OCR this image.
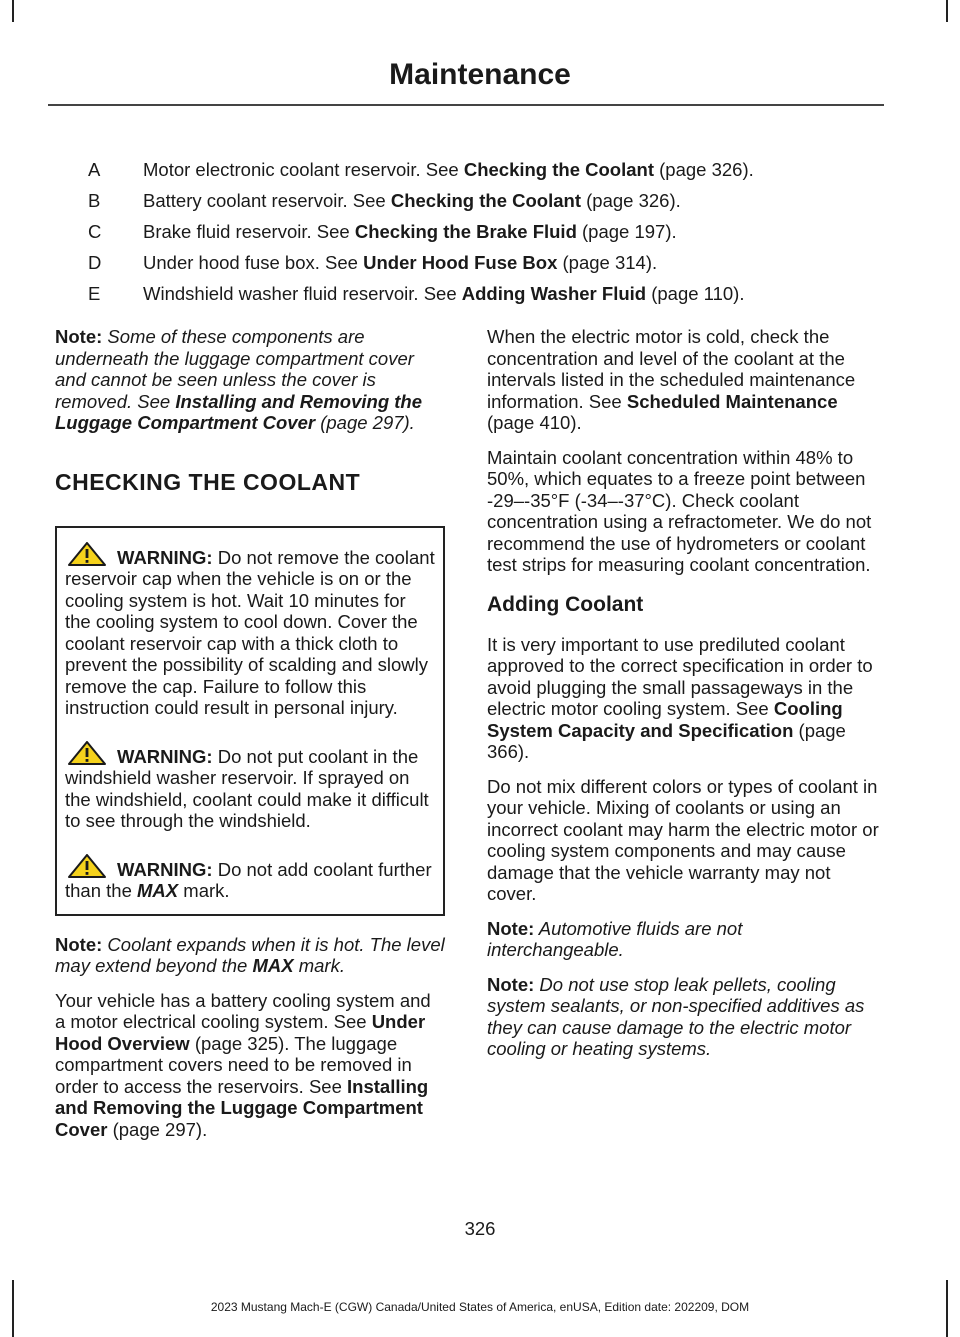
Maintenance
A	Motor electronic coolant reservoir. See Checking the Coolant (page 326).
B	Battery coolant reservoir. See Checking the Coolant (page 326).
C	Brake fluid reservoir. See Checking the Brake Fluid (page 197).
D	Under hood fuse box. See Under Hood Fuse Box (page 314).
E	Windshield washer fluid reservoir. See Adding Washer Fluid (page 110).

Note: Some of these components are underneath the luggage compartment cover and cannot be seen unless the cover is removed. See Installing and Removing the Luggage Compartment Cover (page 297).

CHECKING THE COOLANT
WARNING: Do not remove the coolant reservoir cap when the vehicle is on or the cooling system is hot. Wait 10 minutes for the cooling system to cool down. Cover the coolant reservoir cap with a thick cloth to prevent the possibility of scalding and slowly remove the cap. Failure to follow this instruction could result in personal injury.
WARNING: Do not put coolant in the windshield washer reservoir. If sprayed on the windshield, coolant could make it difficult to see through the windshield.
WARNING: Do not add coolant further than the MAX mark.

Note: Coolant expands when it is hot. The level may extend beyond the MAX mark.

Your vehicle has a battery cooling system and a motor electrical cooling system. See Under Hood Overview (page 325). The luggage compartment covers need to be removed in order to access the reservoirs. See Installing and Removing the Luggage Compartment Cover (page 297).

When the electric motor is cold, check the concentration and level of the coolant at the intervals listed in the scheduled maintenance information. See Scheduled Maintenance (page 410).

Maintain coolant concentration within 48% to 50%, which equates to a freeze point between -29–-35°F (-34–-37°C). Check coolant concentration using a refractometer. We do not recommend the use of hydrometers or coolant test strips for measuring coolant concentration.

Adding Coolant

It is very important to use prediluted coolant approved to the correct specification in order to avoid plugging the small passageways in the electric motor cooling system. See Cooling System Capacity and Specification (page 366).

Do not mix different colors or types of coolant in your vehicle. Mixing of coolants or using an incorrect coolant may harm the electric motor or cooling system components and may cause damage that the vehicle warranty may not cover.

Note: Automotive fluids are not interchangeable.

Note: Do not use stop leak pellets, cooling system sealants, or non-specified additives as they can cause damage to the electric motor cooling or heating systems.

326
2023 Mustang Mach-E (CGW) Canada/United States of America, enUSA, Edition date: 202209, DOM
